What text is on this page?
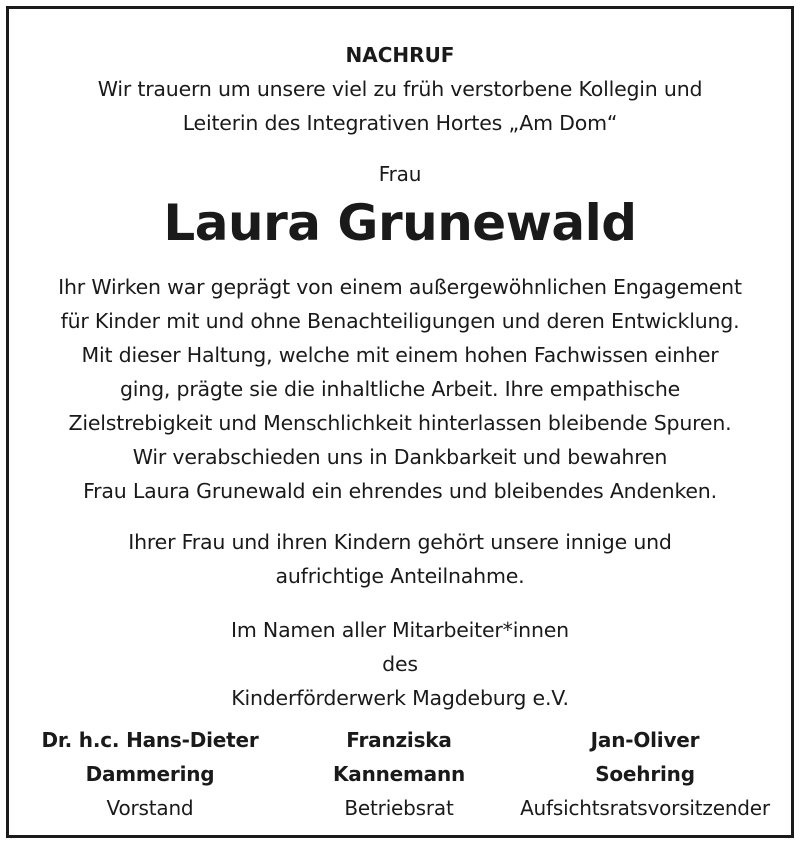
NACHRUF
Wir trauern um unsere viel zu früh verstorbene Kollegin und
Leiterin des Integrativen Hortes „Am Dom“
Frau
Laura Grunewald
Ihr Wirken war geprägt von einem außergewöhnlichen Engagement
für Kinder mit und ohne Benachteiligungen und deren Entwicklung.
Mit dieser Haltung, welche mit einem hohen Fachwissen einher
ging, prägte sie die inhaltliche Arbeit. Ihre empathische
Zielstrebigkeit und Menschlichkeit hinterlassen bleibende Spuren.
Wir verabschieden uns in Dankbarkeit und bewahren
Frau Laura Grunewald ein ehrendes und bleibendes Andenken.
Ihrer Frau und ihren Kindern gehört unsere innige und
aufrichtige Anteilnahme.
Im Namen aller Mitarbeiter*innen
des
Kinderförderwerk Magdeburg e.V.
Dr. h.c. Hans-Dieter
Dammering
Vorstand
Franziska
Kannemann
Betriebsrat
Jan-Oliver
Soehring
Aufsichtsratsvorsitzender
